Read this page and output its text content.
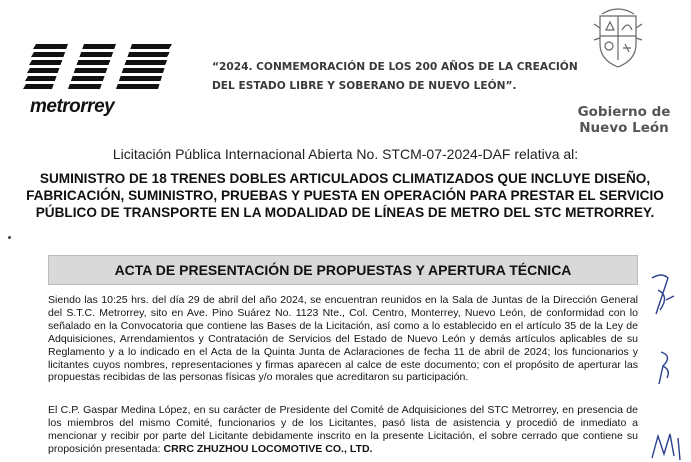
metrorrey
“2024. CONMEMORACIÓN DE LOS 200 AÑOS DE LA CREACIÓN DEL ESTADO LIBRE Y SOBERANO DE NUEVO LEÓN”.
Gobierno de
Nuevo León
Licitación Pública Internacional Abierta No. STCM-07-2024-DAF relativa al:
SUMINISTRO DE 18 TRENES DOBLES ARTICULADOS CLIMATIZADOS QUE INCLUYE DISEÑO, FABRICACIÓN, SUMINISTRO, PRUEBAS Y PUESTA EN OPERACIÓN PARA PRESTAR EL SERVICIO PÚBLICO DE TRANSPORTE EN LA MODALIDAD DE LÍNEAS DE METRO DEL STC METRORREY.
ACTA DE PRESENTACIÓN DE PROPUESTAS Y APERTURA TÉCNICA

Siendo las 10:25 hrs. del día 29 de abril del año 2024, se encuentran reunidos en la Sala de Juntas de la Dirección General del S.T.C. Metrorrey, sito en Ave. Pino Suárez No. 1123 Nte., Col. Centro, Monterrey, Nuevo León, de conformidad con lo señalado en la Convocatoria que contiene las Bases de la Licitación, así como a lo establecido en el artículo 35 de la Ley de Adquisiciones, Arrendamientos y Contratación de Servicios del Estado de Nuevo León y demás artículos aplicables de su Reglamento y a lo indicado en el Acta de la Quinta Junta de Aclaraciones de fecha 11 de abril de 2024; los funcionarios y licitantes cuyos nombres, representaciones y firmas aparecen al calce de este documento; con el propósito de aperturar las propuestas recibidas de las personas físicas y/o morales que acreditaron su participación.

El C.P. Gaspar Medina López, en su carácter de Presidente del Comité de Adquisiciones del STC Metrorrey, en presencia de los miembros del mismo Comité, funcionarios y de los Licitantes, pasó lista de asistencia y procedió de inmediato a mencionar y recibir por parte del Licitante debidamente inscrito en la presente Licitación, el sobre cerrado que contiene su proposición presentada: CRRC ZHUZHOU LOCOMOTIVE CO., LTD.
